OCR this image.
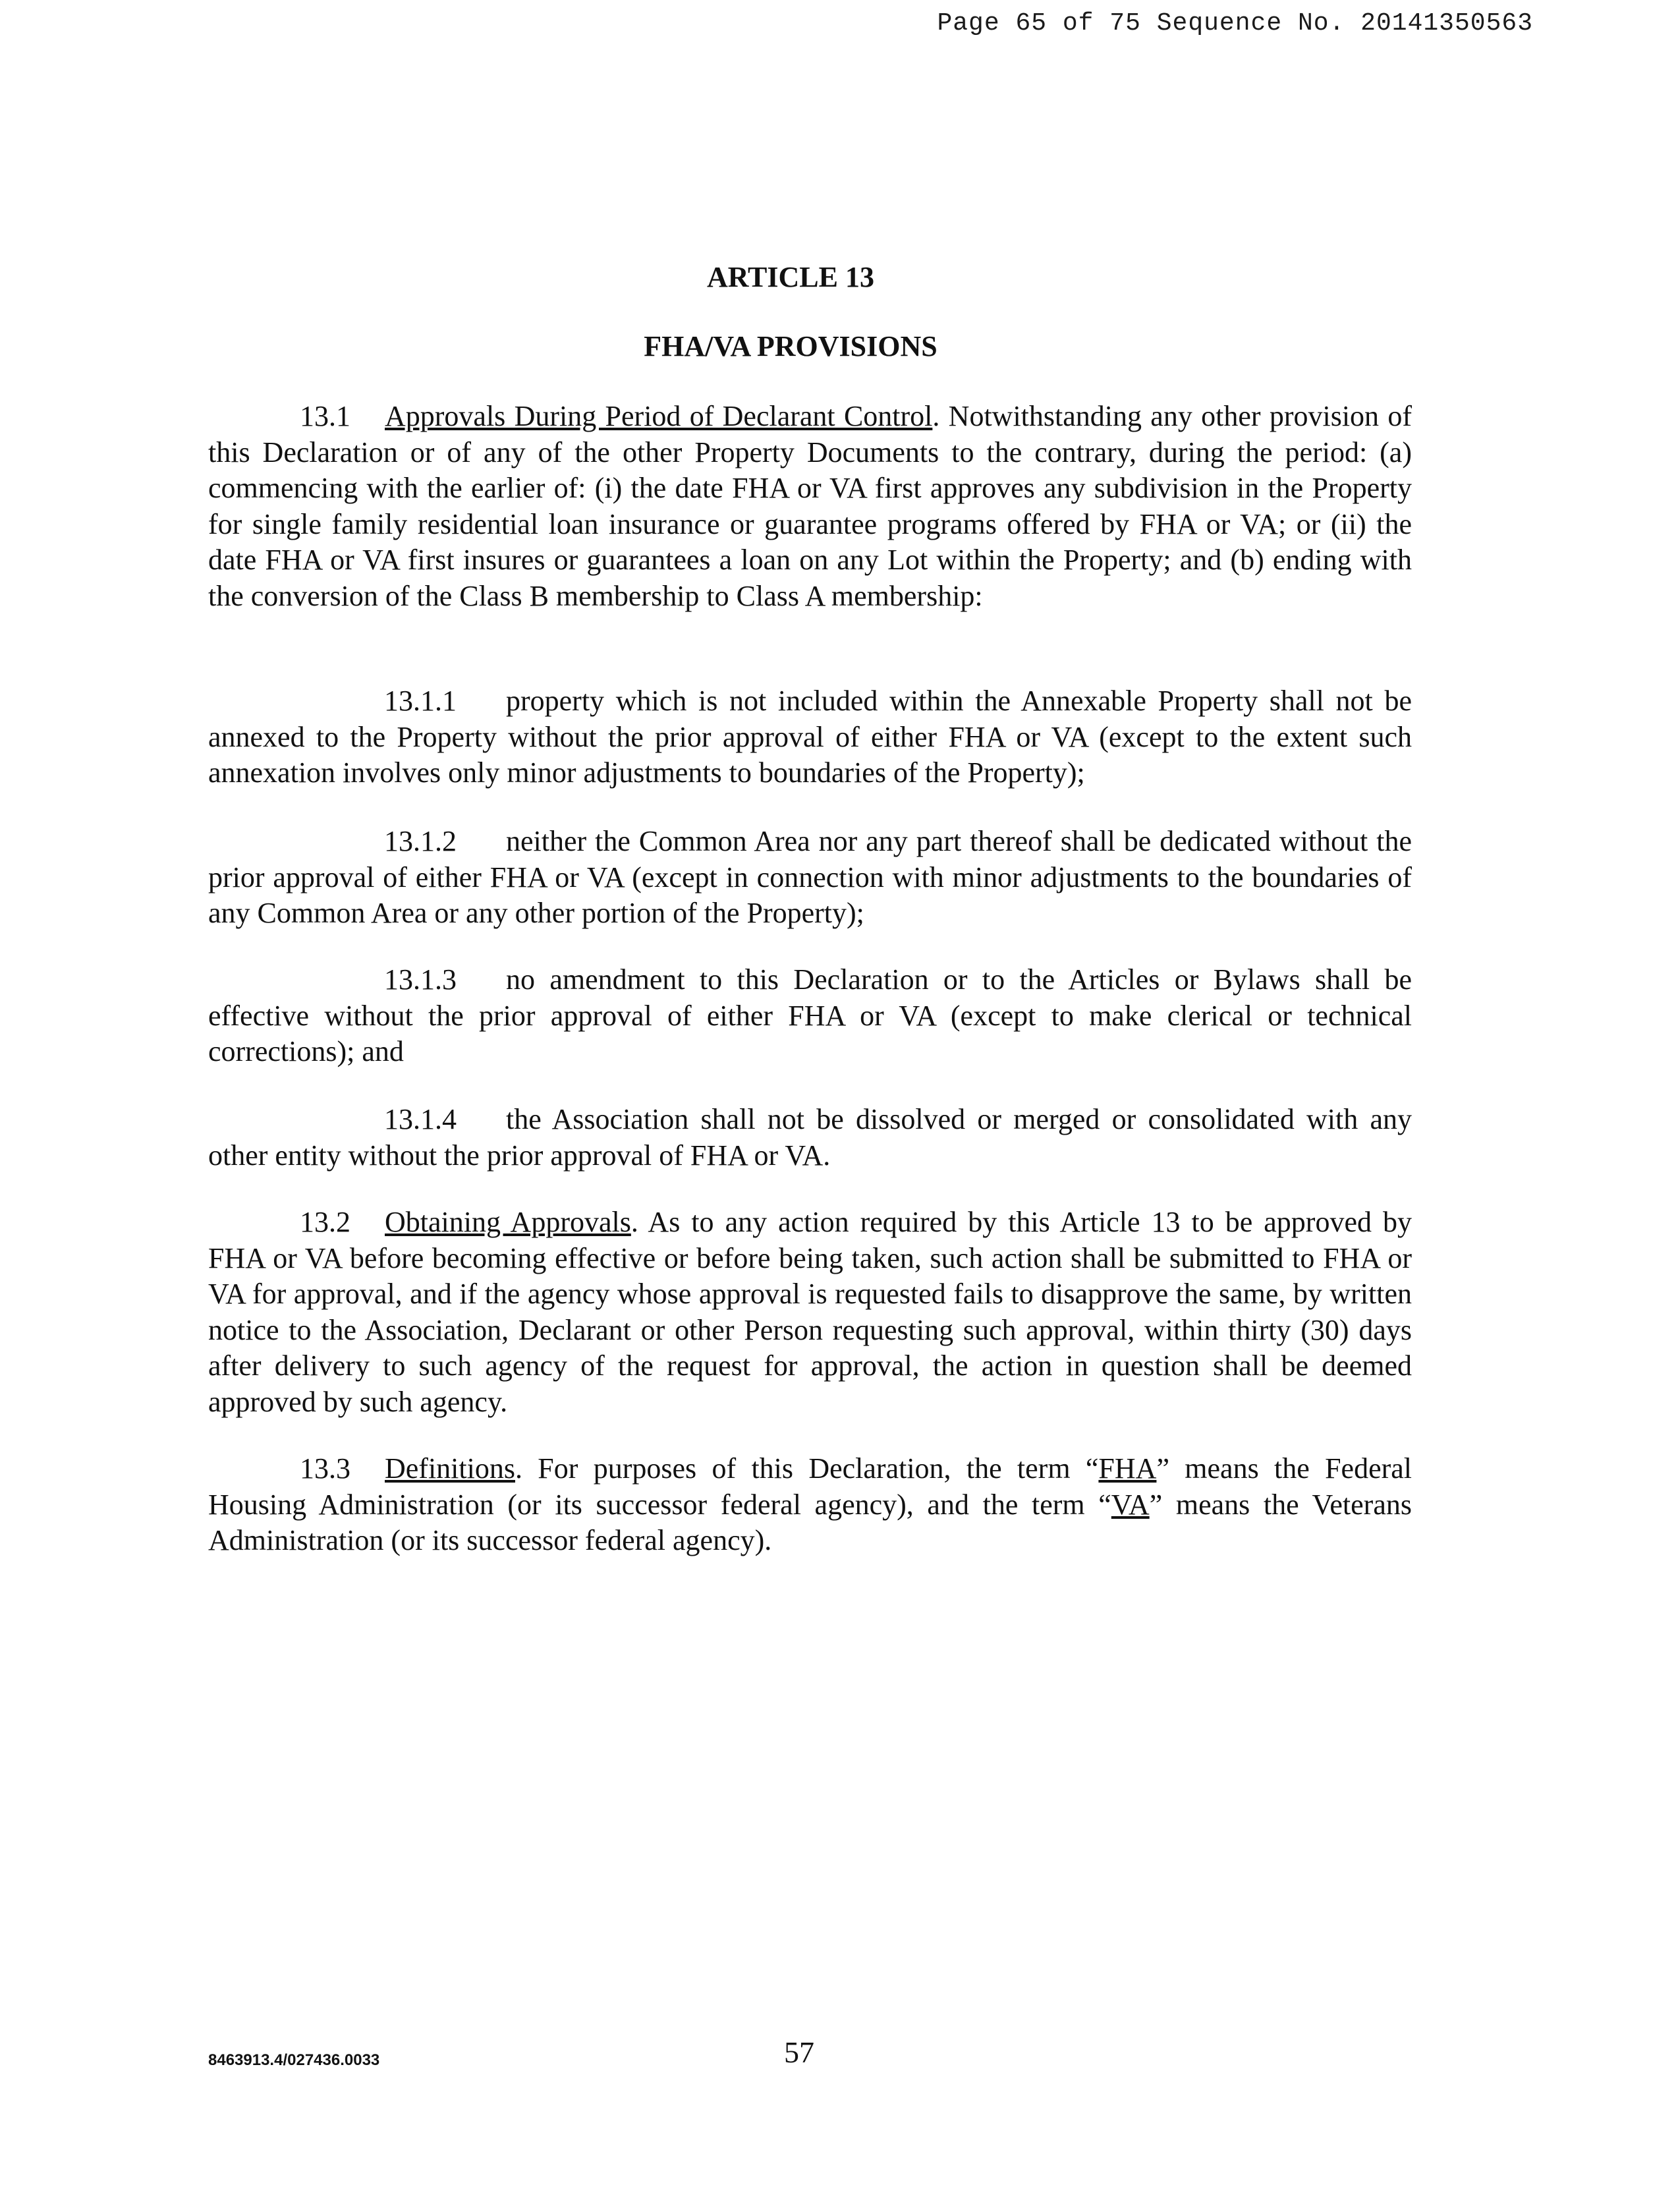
Page 65 of 75 Sequence No. 20141350563
ARTICLE 13
FHA/VA PROVISIONS
13.1 Approvals During Period of Declarant Control. Notwithstanding any other provision of this Declaration or of any of the other Property Documents to the contrary, during the period: (a) commencing with the earlier of: (i) the date FHA or VA first approves any subdivision in the Property for single family residential loan insurance or guarantee programs offered by FHA or VA; or (ii) the date FHA or VA first insures or guarantees a loan on any Lot within the Property; and (b) ending with the conversion of the Class B membership to Class A membership:
13.1.1 property which is not included within the Annexable Property shall not be annexed to the Property without the prior approval of either FHA or VA (except to the extent such annexation involves only minor adjustments to boundaries of the Property);
13.1.2 neither the Common Area nor any part thereof shall be dedicated without the prior approval of either FHA or VA (except in connection with minor adjustments to the boundaries of any Common Area or any other portion of the Property);
13.1.3 no amendment to this Declaration or to the Articles or Bylaws shall be effective without the prior approval of either FHA or VA (except to make clerical or technical corrections); and
13.1.4 the Association shall not be dissolved or merged or consolidated with any other entity without the prior approval of FHA or VA.
13.2 Obtaining Approvals. As to any action required by this Article 13 to be approved by FHA or VA before becoming effective or before being taken, such action shall be submitted to FHA or VA for approval, and if the agency whose approval is requested fails to disapprove the same, by written notice to the Association, Declarant or other Person requesting such approval, within thirty (30) days after delivery to such agency of the request for approval, the action in question shall be deemed approved by such agency.
13.3 Definitions. For purposes of this Declaration, the term “FHA” means the Federal Housing Administration (or its successor federal agency), and the term “VA” means the Veterans Administration (or its successor federal agency).
8463913.4/027436.0033	57
